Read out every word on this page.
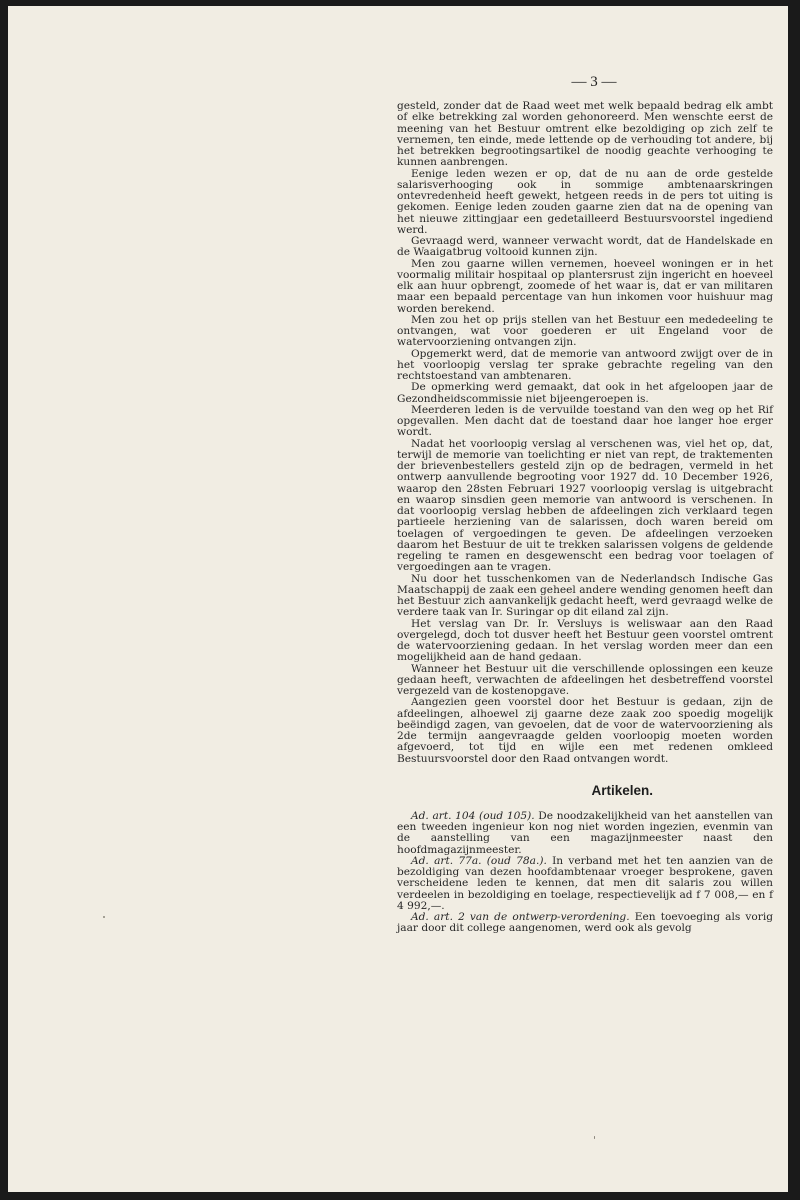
— 3 —

gesteld, zonder dat de Raad weet met welk bepaald bedrag elk ambt of elke betrekking zal worden gehonoreerd. Men wenschte eerst de meening van het Bestuur omtrent elke bezoldiging op zich zelf te vernemen, ten einde, mede lettende op de verhouding tot andere, bij het betrekken begrootingsartikel de noodig geachte verhooging te kunnen aanbrengen.

Eenige leden wezen er op, dat de nu aan de orde gestelde salarisverhooging ook in sommige ambtenaarskringen ontevredenheid heeft gewekt, hetgeen reeds in de pers tot uiting is gekomen. Eenige leden zouden gaarne zien dat na de opening van het nieuwe zittingjaar een gedetailleerd Bestuursvoorstel ingediend werd.

Gevraagd werd, wanneer verwacht wordt, dat de Handelskade en de Waaigatbrug voltooid kunnen zijn.

Men zou gaarne willen vernemen, hoeveel woningen er in het voormalig militair hospitaal op plantersrust zijn ingericht en hoeveel elk aan huur opbrengt, zoomede of het waar is, dat er van militaren maar een bepaald percentage van hun inkomen voor huishuur mag worden berekend.

Men zou het op prijs stellen van het Bestuur een mededeeling te ontvangen, wat voor goederen er uit Engeland voor de watervoorziening ontvangen zijn.

Opgemerkt werd, dat de memorie van antwoord zwijgt over de in het voorloopig verslag ter sprake gebrachte regeling van den rechtstoestand van ambtenaren.

De opmerking werd gemaakt, dat ook in het afgeloopen jaar de Gezondheidscommissie niet bijeengeroepen is.

Meerderen leden is de vervuilde toestand van den weg op het Rif opgevallen. Men dacht dat de toestand daar hoe langer hoe erger wordt.

Nadat het voorloopig verslag al verschenen was, viel het op, dat, terwijl de memorie van toelichting er niet van rept, de traktementen der brievenbestellers gesteld zijn op de bedragen, vermeld in het ontwerp aanvullende begrooting voor 1927 dd. 10 December 1926, waarop den 28sten Februari 1927 voorloopig verslag is uitgebracht en waarop sinsdien geen memorie van antwoord is verschenen. In dat voorloopig verslag hebben de afdeelingen zich verklaard tegen partieele herziening van de salarissen, doch waren bereid om toelagen of vergoedingen te geven. De afdeelingen verzoeken daarom het Bestuur de uit te trekken salarissen volgens de geldende regeling te ramen en desgewenscht een bedrag voor toelagen of vergoedingen aan te vragen.

Nu door het tusschenkomen van de Nederlandsch Indische Gas Maatschappij de zaak een geheel andere wending genomen heeft dan het Bestuur zich aanvankelijk gedacht heeft, werd gevraagd welke de verdere taak van Ir. Suringar op dit eiland zal zijn.

Het verslag van Dr. Ir. Versluys is weliswaar aan den Raad overgelegd, doch tot dusver heeft het Bestuur geen voorstel omtrent de watervoorziening gedaan. In het verslag worden meer dan een mogelijkheid aan de hand gedaan.

Wanneer het Bestuur uit die verschillende oplossingen een keuze gedaan heeft, verwachten de afdeelingen het desbetreffend voorstel vergezeld van de kostenopgave.

Aangezien geen voorstel door het Bestuur is gedaan, zijn de afdeelingen, alhoewel zij gaarne deze zaak zoo spoedig mogelijk beëindigd zagen, van gevoelen, dat de voor de watervoorziening als 2de termijn aangevraagde gelden voorloopig moeten worden afgevoerd, tot tijd en wijle een met redenen omkleed Bestuursvoorstel door den Raad ontvangen wordt.

Artikelen.

Ad. art. 104 (oud 105). De noodzakelijkheid van het aanstellen van een tweeden ingenieur kon nog niet worden ingezien, evenmin van de aanstelling van een magazijnmeester naast den hoofdmagazijnmeester.

Ad. art. 77a. (oud 78a.). In verband met het ten aanzien van de bezoldiging van dezen hoofdambtenaar vroeger besprokene, gaven verscheidene leden te kennen, dat men dit salaris zou willen verdeelen in bezoldiging en toelage, respectievelijk ad f 7 008,— en f 4 992,—.

Ad. art. 2 van de ontwerp-verordening. Een toevoeging als vorig jaar door dit college aangenomen, werd ook als gevolg
